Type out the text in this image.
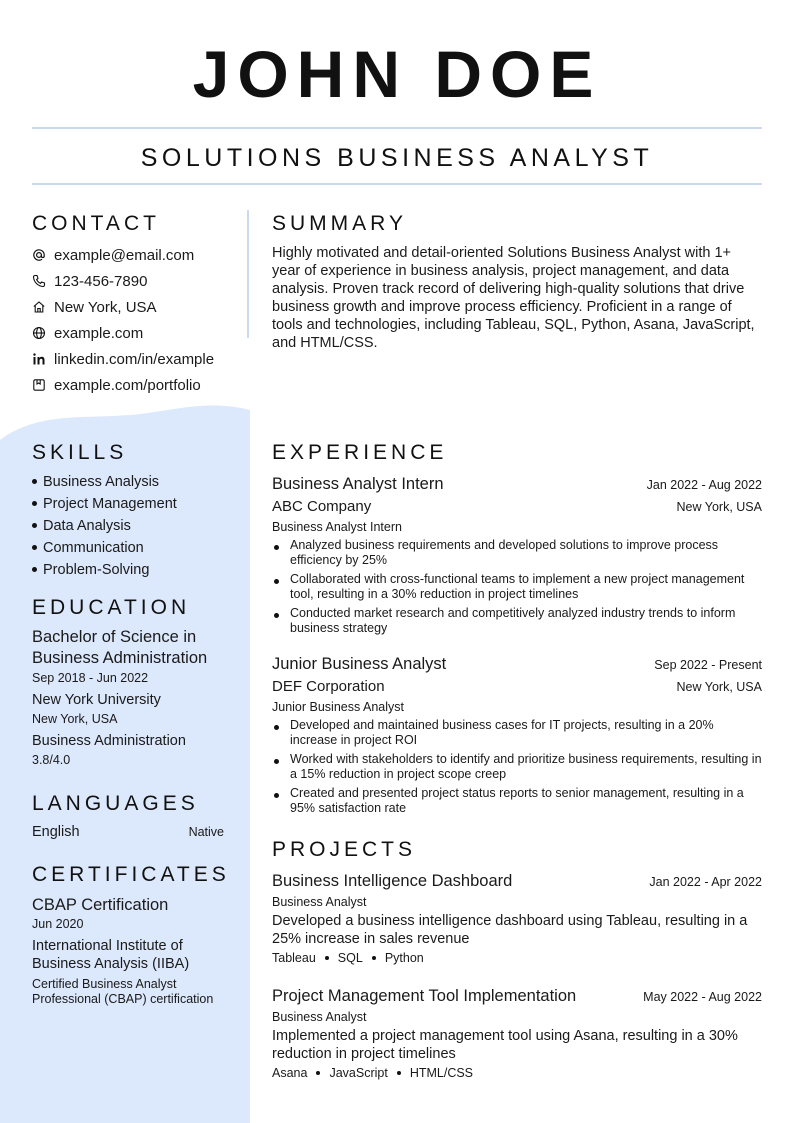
JOHN DOE
SOLUTIONS BUSINESS ANALYST
CONTACT
example@email.com
123-456-7890
New York, USA
example.com
linkedin.com/in/example
example.com/portfolio
SUMMARY
Highly motivated and detail-oriented Solutions Business Analyst with 1+ year of experience in business analysis, project management, and data analysis. Proven track record of delivering high-quality solutions that drive business growth and improve process efficiency. Proficient in a range of tools and technologies, including Tableau, SQL, Python, Asana, JavaScript, and HTML/CSS.
SKILLS
Business Analysis
Project Management
Data Analysis
Communication
Problem-Solving
EDUCATION
Bachelor of Science in Business Administration
Sep 2018 - Jun 2022
New York University
New York, USA
Business Administration
3.8/4.0
LANGUAGES
English	Native
CERTIFICATES
CBAP Certification
Jun 2020
International Institute of Business Analysis (IIBA)
Certified Business Analyst Professional (CBAP) certification
EXPERIENCE
Business Analyst Intern	Jan 2022 - Aug 2022
ABC Company	New York, USA
Business Analyst Intern
Analyzed business requirements and developed solutions to improve process efficiency by 25%
Collaborated with cross-functional teams to implement a new project management tool, resulting in a 30% reduction in project timelines
Conducted market research and competitively analyzed industry trends to inform business strategy
Junior Business Analyst	Sep 2022 - Present
DEF Corporation	New York, USA
Junior Business Analyst
Developed and maintained business cases for IT projects, resulting in a 20% increase in project ROI
Worked with stakeholders to identify and prioritize business requirements, resulting in a 15% reduction in project scope creep
Created and presented project status reports to senior management, resulting in a 95% satisfaction rate
PROJECTS
Business Intelligence Dashboard	Jan 2022 - Apr 2022
Business Analyst
Developed a business intelligence dashboard using Tableau, resulting in a 25% increase in sales revenue
Tableau SQL Python
Project Management Tool Implementation	May 2022 - Aug 2022
Business Analyst
Implemented a project management tool using Asana, resulting in a 30% reduction in project timelines
Asana JavaScript HTML/CSS
